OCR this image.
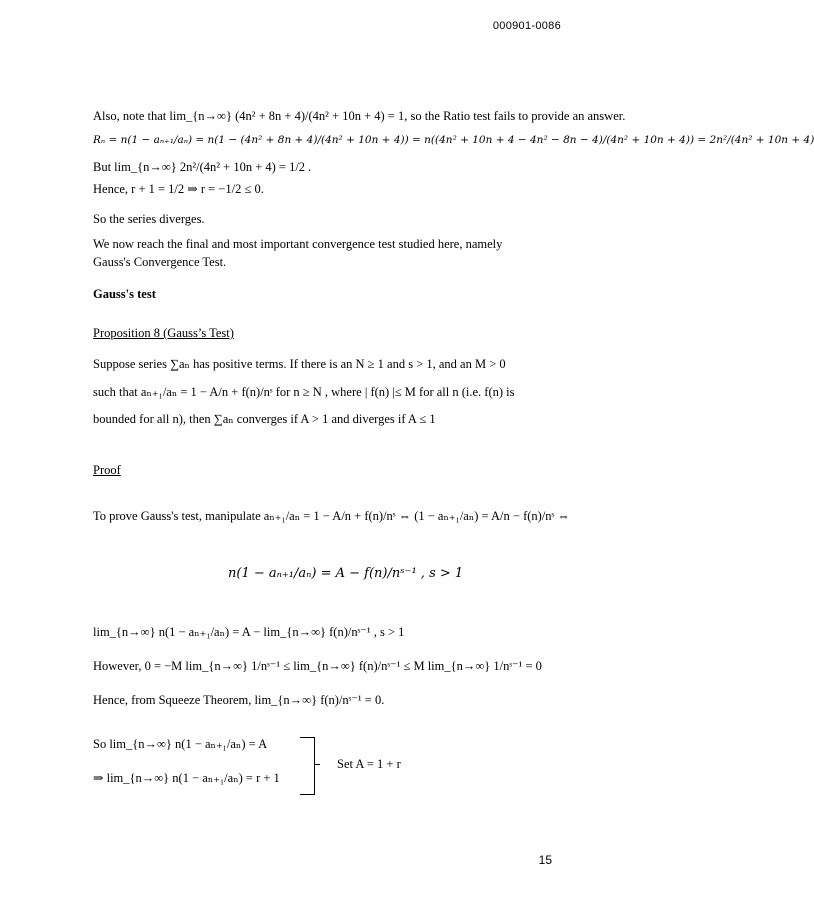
000901-0086
Also, note that lim_{n→∞} (4n² + 8n + 4)/(4n² + 10n + 4) = 1, so the Ratio test fails to provide an answer.
Rₙ = n(1 − aₙ₊₁/aₙ) = n(1 − (4n² + 8n + 4)/(4n² + 10n + 4)) = n((4n² + 10n + 4 − 4n² − 8n − 4)/(4n² + 10n + 4)) = 2n²/(4n² + 10n + 4)
But lim_{n→∞} 2n²/(4n² + 10n + 4) = 1/2 .
Hence, r + 1 = 1/2 ⇒ r = −1/2 ≤ 0.
So the series diverges.
We now reach the final and most important convergence test studied here, namely
Gauss's Convergence Test.
Gauss's test
Proposition 8 (Gauss’s Test)
Suppose series ∑aₙ has positive terms. If there is an N ≥ 1 and s > 1, and an M > 0
such that aₙ₊₁/aₙ = 1 − A/n + f(n)/nˢ for n ≥ N , where | f(n) |≤ M for all n (i.e. f(n) is
bounded for all n), then ∑aₙ converges if A > 1 and diverges if A ≤ 1
Proof
To prove Gauss's test, manipulate aₙ₊₁/aₙ = 1 − A/n + f(n)/nˢ ⇔ (1 − aₙ₊₁/aₙ) = A/n − f(n)/nˢ ⇔
n(1 − aₙ₊₁/aₙ) = A − f(n)/nˢ⁻¹ , s > 1
lim_{n→∞} n(1 − aₙ₊₁/aₙ) = A − lim_{n→∞} f(n)/nˢ⁻¹ , s > 1
However, 0 = −M lim_{n→∞} 1/nˢ⁻¹ ≤ lim_{n→∞} f(n)/nˢ⁻¹ ≤ M lim_{n→∞} 1/nˢ⁻¹ = 0
Hence, from Squeeze Theorem, lim_{n→∞} f(n)/nˢ⁻¹ = 0.
So lim_{n→∞} n(1 − aₙ₊₁/aₙ) = A
⇒ lim_{n→∞} n(1 − aₙ₊₁/aₙ) = r + 1
Set A = 1 + r
15
